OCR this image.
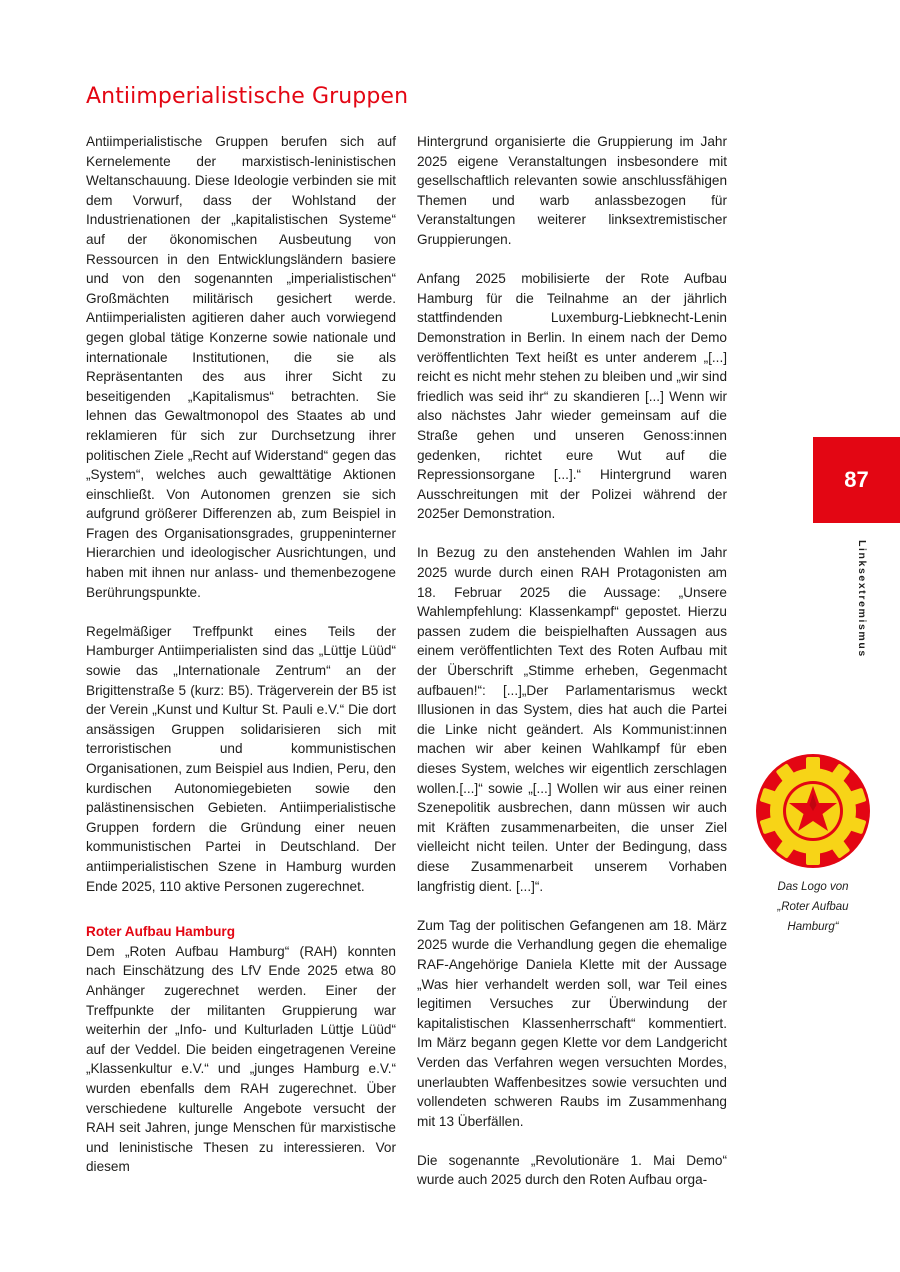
Antiimperialistische Gruppen

Antiimperialistische Gruppen berufen sich auf Kernelemente der marxistisch-leninistischen Weltanschauung. Diese Ideologie verbinden sie mit dem Vorwurf, dass der Wohlstand der Industrienationen der „kapitalistischen Systeme“ auf der ökonomischen Ausbeutung von Ressourcen in den Entwicklungsländern basiere und von den sogenannten „imperialistischen“ Großmächten militärisch gesichert werde. Antiimperialisten agitieren daher auch vorwiegend gegen global tätige Konzerne sowie nationale und internationale Institutionen, die sie als Repräsentanten des aus ihrer Sicht zu beseitigenden „Kapitalismus“ betrachten. Sie lehnen das Gewaltmonopol des Staates ab und reklamieren für sich zur Durchsetzung ihrer politischen Ziele „Recht auf Widerstand“ gegen das „System“, welches auch gewalttätige Aktionen einschließt. Von Autonomen grenzen sie sich aufgrund größerer Differenzen ab, zum Beispiel in Fragen des Organisationsgrades, gruppeninterner Hierarchien und ideologischer Ausrichtungen, und haben mit ihnen nur anlass- und themenbezogene Berührungspunkte.

Regelmäßiger Treffpunkt eines Teils der Hamburger Antiimperialisten sind das „Lüttje Lüüd“ sowie das „Internationale Zentrum“ an der Brigittenstraße 5 (kurz: B5). Trägerverein der B5 ist der Verein „Kunst und Kultur St. Pauli e.V.“ Die dort ansässigen Gruppen solidarisieren sich mit terroristischen und kommunistischen Organisationen, zum Beispiel aus Indien, Peru, den kurdischen Autonomiegebieten sowie den palästinensischen Gebieten. Antiimperialistische Gruppen fordern die Gründung einer neuen kommunistischen Partei in Deutschland. Der antiimperialistischen Szene in Hamburg wurden Ende 2025, 110 aktive Personen zugerechnet.

Roter Aufbau Hamburg

Dem „Roten Aufbau Hamburg“ (RAH) konnten nach Einschätzung des LfV Ende 2025 etwa 80 Anhänger zugerechnet werden. Einer der Treffpunkte der militanten Gruppierung war weiterhin der „Info- und Kulturladen Lüttje Lüüd“ auf der Veddel. Die beiden eingetragenen Vereine „Klassenkultur e.V.“ und „junges Hamburg e.V.“ wurden ebenfalls dem RAH zugerechnet. Über verschiedene kulturelle Angebote versucht der RAH seit Jahren, junge Menschen für marxistische und leninistische Thesen zu interessieren. Vor diesem

Hintergrund organisierte die Gruppierung im Jahr 2025 eigene Veranstaltungen insbesondere mit gesellschaftlich relevanten sowie anschlussfähigen Themen und warb anlassbezogen für Veranstaltungen weiterer linksextremistischer Gruppierungen.

Anfang 2025 mobilisierte der Rote Aufbau Hamburg für die Teilnahme an der jährlich stattfindenden Luxemburg-Liebknecht-Lenin Demonstration in Berlin. In einem nach der Demo veröffentlichten Text heißt es unter anderem „[...] reicht es nicht mehr stehen zu bleiben und „wir sind friedlich was seid ihr“ zu skandieren [...] Wenn wir also nächstes Jahr wieder gemeinsam auf die Straße gehen und unseren Genoss:innen gedenken, richtet eure Wut auf die Repressionsorgane [...].“ Hintergrund waren Ausschreitungen mit der Polizei während der 2025er Demonstration.

In Bezug zu den anstehenden Wahlen im Jahr 2025 wurde durch einen RAH Protagonisten am 18. Februar 2025 die Aussage: „Unsere Wahlempfehlung: Klassenkampf“ gepostet. Hierzu passen zudem die beispielhaften Aussagen aus einem veröffentlichten Text des Roten Aufbau mit der Überschrift „Stimme erheben, Gegenmacht aufbauen!“: [...]„Der Parlamentarismus weckt Illusionen in das System, dies hat auch die Partei die Linke nicht geändert. Als Kommunist:innen machen wir aber keinen Wahlkampf für eben dieses System, welches wir eigentlich zerschlagen wollen.[...]“ sowie „[...] Wollen wir aus einer reinen Szenepolitik ausbrechen, dann müssen wir auch mit Kräften zusammenarbeiten, die unser Ziel vielleicht nicht teilen. Unter der Bedingung, dass diese Zusammenarbeit unserem Vorhaben langfristig dient. [...]“.

Zum Tag der politischen Gefangenen am 18. März 2025 wurde die Verhandlung gegen die ehemalige RAF-Angehörige Daniela Klette mit der Aussage „Was hier verhandelt werden soll, war Teil eines legitimen Versuches zur Überwindung der kapitalistischen Klassenherrschaft“ kommentiert. Im März begann gegen Klette vor dem Landgericht Verden das Verfahren wegen versuchten Mordes, unerlaubten Waffenbesitzes sowie versuchten und vollendeten schweren Raubs im Zusammenhang mit 13 Überfällen.

Die sogenannte „Revolutionäre 1. Mai Demo“ wurde auch 2025 durch den Roten Aufbau orga-

87
Linksextremismus
Das Logo von
„Roter Aufbau
Hamburg“
